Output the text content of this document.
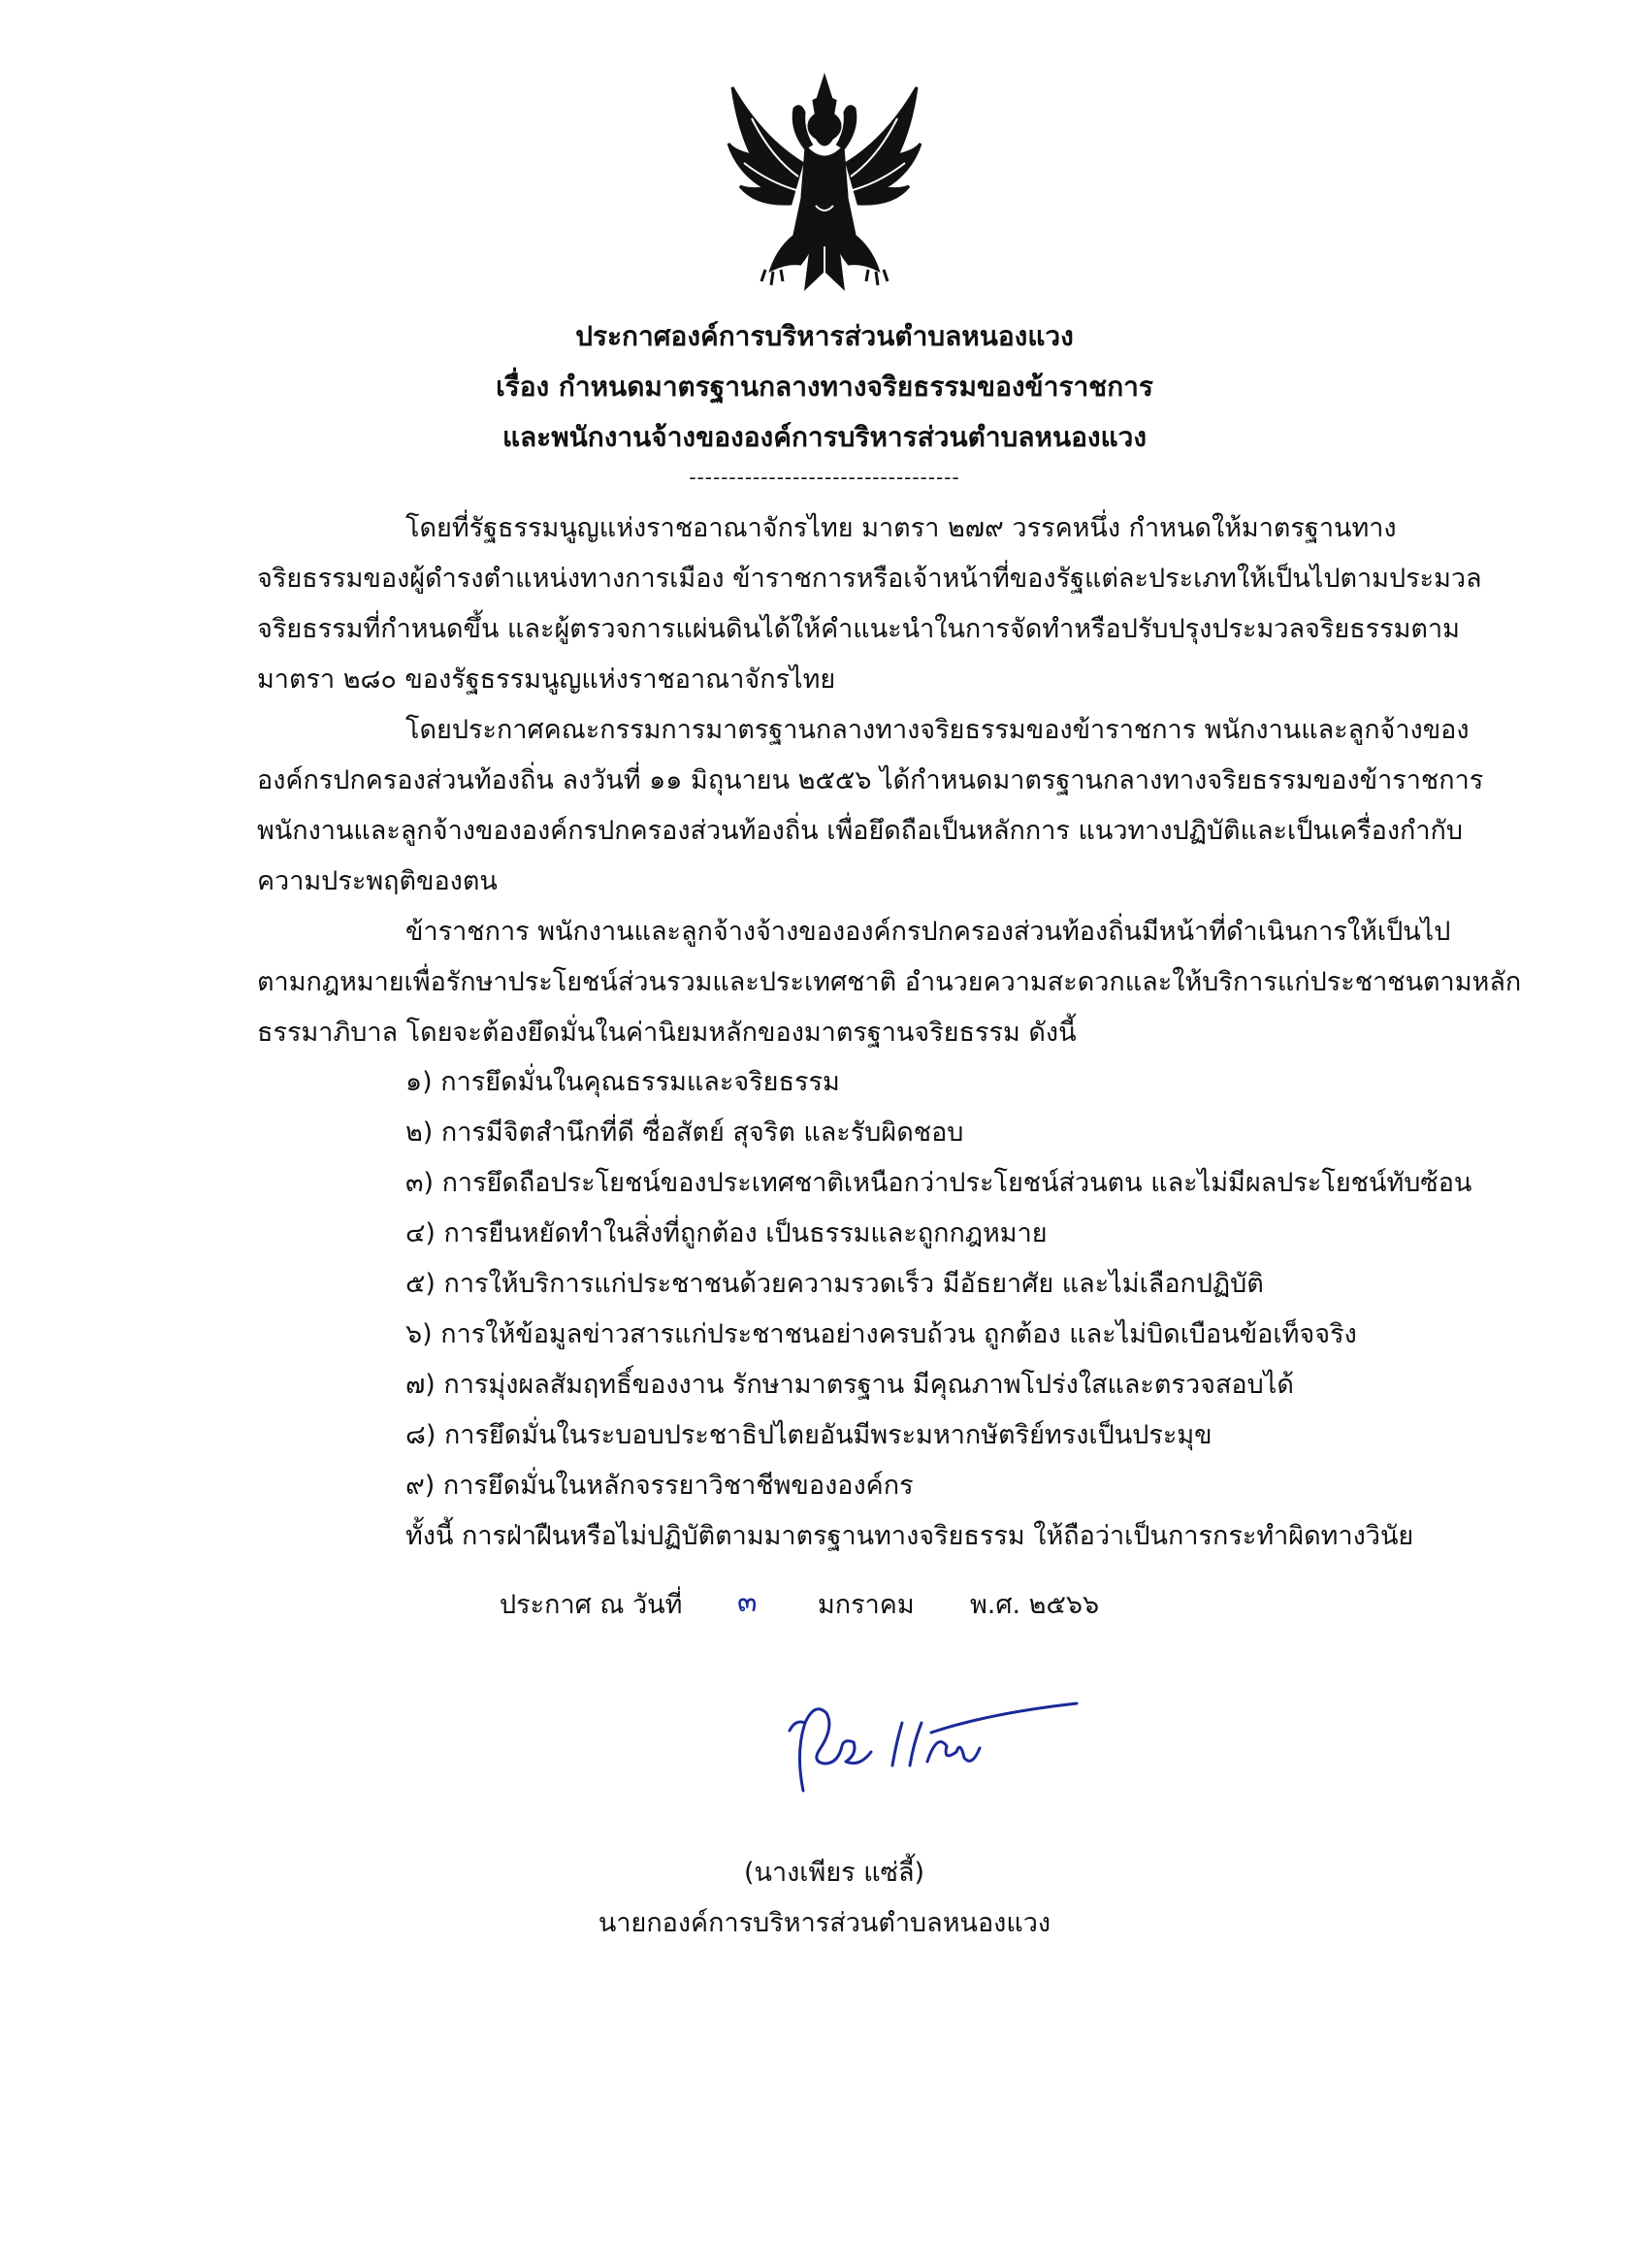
ประกาศองค์การบริหารส่วนตำบลหนองแวง
เรื่อง กำหนดมาตรฐานกลางทางจริยธรรมของข้าราชการ
และพนักงานจ้างขององค์การบริหารส่วนตำบลหนองแวง
----------------------------------
โดยที่รัฐธรรมนูญแห่งราชอาณาจักรไทย มาตรา ๒๗๙ วรรคหนึ่ง กำหนดให้มาตรฐานทาง
จริยธรรมของผู้ดำรงตำแหน่งทางการเมือง ข้าราชการหรือเจ้าหน้าที่ของรัฐแต่ละประเภทให้เป็นไปตามประมวล
จริยธรรมที่กำหนดขึ้น และผู้ตรวจการแผ่นดินได้ให้คำแนะนำในการจัดทำหรือปรับปรุงประมวลจริยธรรมตาม
มาตรา ๒๘๐ ของรัฐธรรมนูญแห่งราชอาณาจักรไทย
โดยประกาศคณะกรรมการมาตรฐานกลางทางจริยธรรมของข้าราชการ พนักงานและลูกจ้างของ
องค์กรปกครองส่วนท้องถิ่น ลงวันที่ ๑๑ มิถุนายน ๒๕๕๖ ได้กำหนดมาตรฐานกลางทางจริยธรรมของข้าราชการ
พนักงานและลูกจ้างขององค์กรปกครองส่วนท้องถิ่น เพื่อยึดถือเป็นหลักการ แนวทางปฏิบัติและเป็นเครื่องกำกับ
ความประพฤติของตน
ข้าราชการ พนักงานและลูกจ้างจ้างขององค์กรปกครองส่วนท้องถิ่นมีหน้าที่ดำเนินการให้เป็นไป
ตามกฎหมายเพื่อรักษาประโยชน์ส่วนรวมและประเทศชาติ อำนวยความสะดวกและให้บริการแก่ประชาชนตามหลัก
ธรรมาภิบาล โดยจะต้องยึดมั่นในค่านิยมหลักของมาตรฐานจริยธรรม ดังนี้
๑) การยึดมั่นในคุณธรรมและจริยธรรม
๒) การมีจิตสำนึกที่ดี ซื่อสัตย์ สุจริต และรับผิดชอบ
๓) การยึดถือประโยชน์ของประเทศชาติเหนือกว่าประโยชน์ส่วนตน และไม่มีผลประโยชน์ทับซ้อน
๔) การยืนหยัดทำในสิ่งที่ถูกต้อง เป็นธรรมและถูกกฎหมาย
๕) การให้บริการแก่ประชาชนด้วยความรวดเร็ว มีอัธยาศัย และไม่เลือกปฏิบัติ
๖) การให้ข้อมูลข่าวสารแก่ประชาชนอย่างครบถ้วน ถูกต้อง และไม่บิดเบือนข้อเท็จจริง
๗) การมุ่งผลสัมฤทธิ์ของงาน รักษามาตรฐาน มีคุณภาพโปร่งใสและตรวจสอบได้
๘) การยึดมั่นในระบอบประชาธิปไตยอันมีพระมหากษัตริย์ทรงเป็นประมุข
๙) การยึดมั่นในหลักจรรยาวิชาชีพขององค์กร
ทั้งนี้ การฝ่าฝืนหรือไม่ปฏิบัติตามมาตรฐานทางจริยธรรม ให้ถือว่าเป็นการกระทำผิดทางวินัย
ประกาศ ณ วันที่ ๓ มกราคม พ.ศ. ๒๕๖๖
(นางเพียร แซ่ลี้)
นายกองค์การบริหารส่วนตำบลหนองแวง
